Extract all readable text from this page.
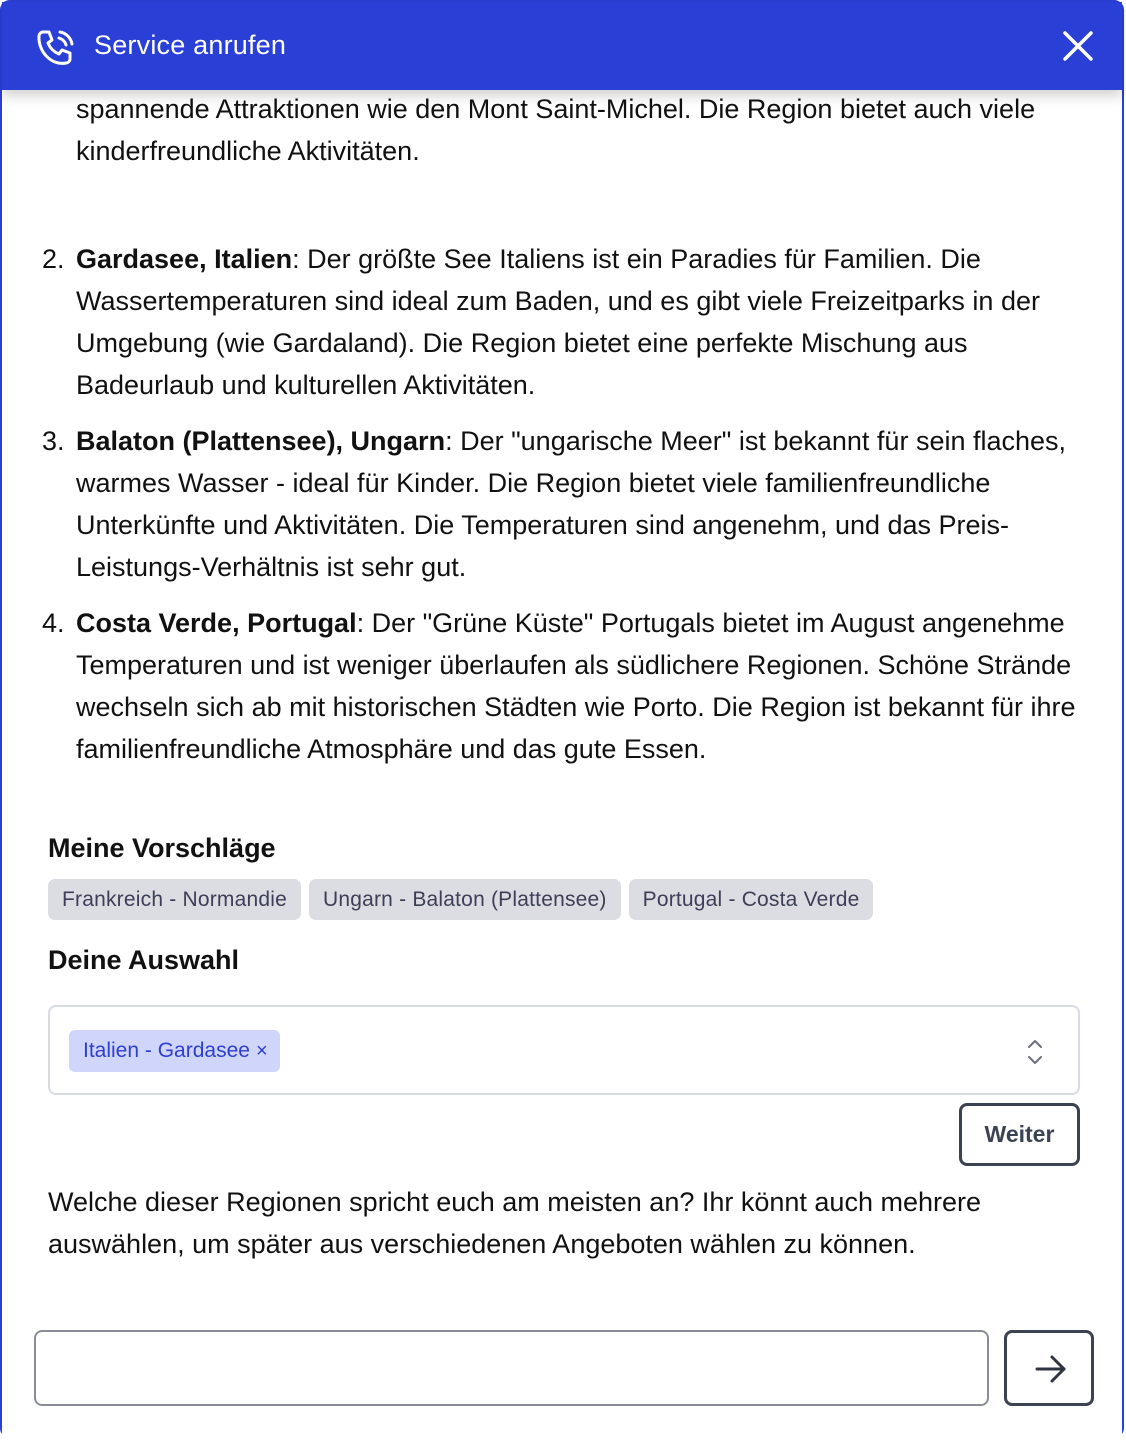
Service anrufen
spannende Attraktionen wie den Mont Saint-Michel. Die Region bietet auch viele kinderfreundliche Aktivitäten.
2. Gardasee, Italien: Der größte See Italiens ist ein Paradies für Familien. Die Wassertemperaturen sind ideal zum Baden, und es gibt viele Freizeitparks in der Umgebung (wie Gardaland). Die Region bietet eine perfekte Mischung aus Badeurlaub und kulturellen Aktivitäten.
3. Balaton (Plattensee), Ungarn: Der "ungarische Meer" ist bekannt für sein flaches, warmes Wasser - ideal für Kinder. Die Region bietet viele familienfreundliche Unterkünfte und Aktivitäten. Die Temperaturen sind angenehm, und das Preis-Leistungs-Verhältnis ist sehr gut.
4. Costa Verde, Portugal: Der "Grüne Küste" Portugals bietet im August angenehme Temperaturen und ist weniger überlaufen als südlichere Regionen. Schöne Strände wechseln sich ab mit historischen Städten wie Porto. Die Region ist bekannt für ihre familienfreundliche Atmosphäre und das gute Essen.
Meine Vorschläge
Frankreich - Normandie	Ungarn - Balaton (Plattensee)	Portugal - Costa Verde
Deine Auswahl
Italien - Gardasee ×
Weiter
Welche dieser Regionen spricht euch am meisten an? Ihr könnt auch mehrere auswählen, um später aus verschiedenen Angeboten wählen zu können.
